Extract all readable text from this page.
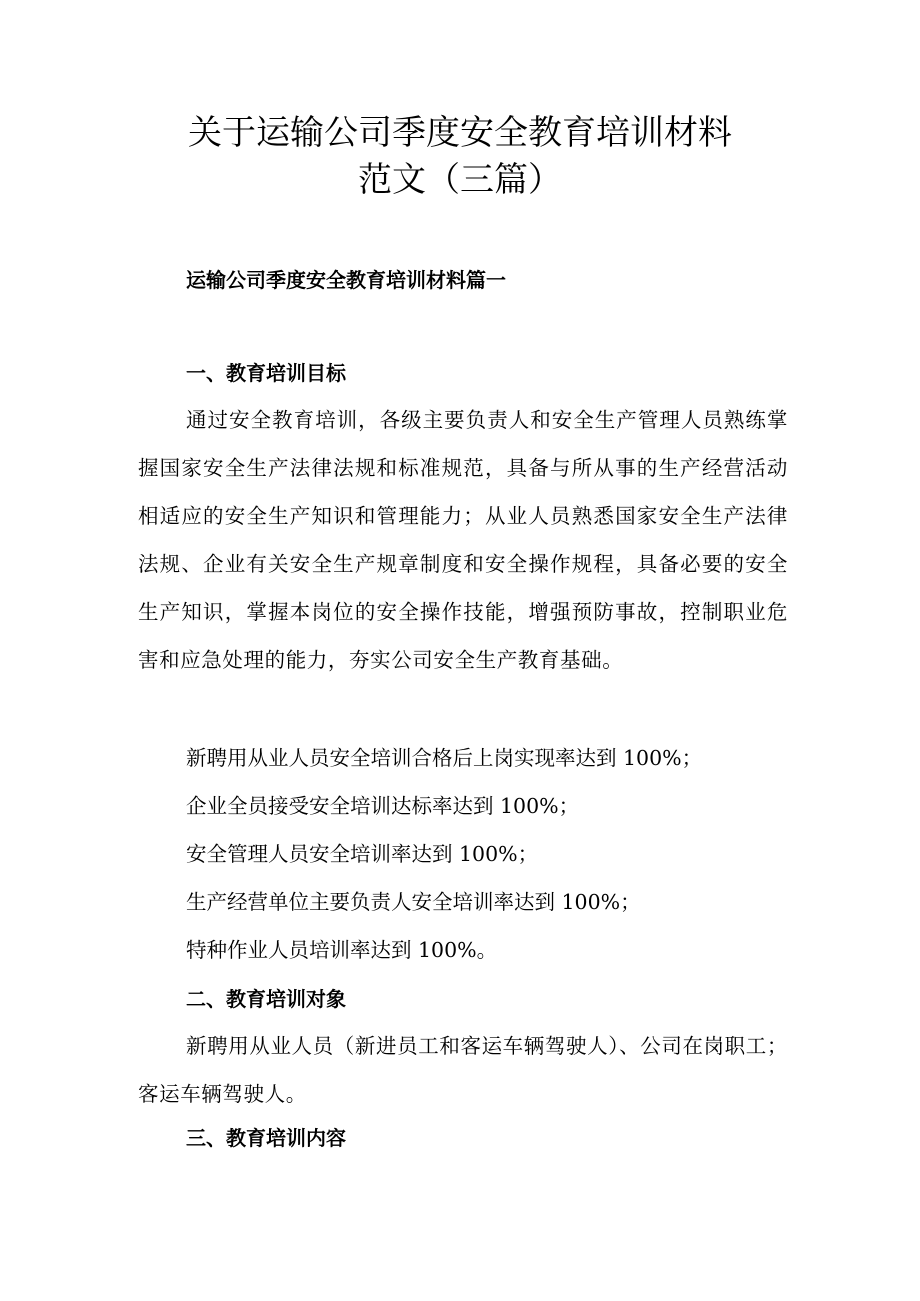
关于运输公司季度安全教育培训材料
范文（三篇）
运输公司季度安全教育培训材料篇一
一、教育培训目标
通过安全教育培训，各级主要负责人和安全生产管理人员熟练掌握国家安全生产法律法规和标准规范，具备与所从事的生产经营活动相适应的安全生产知识和管理能力；从业人员熟悉国家安全生产法律法规、企业有关安全生产规章制度和安全操作规程，具备必要的安全生产知识，掌握本岗位的安全操作技能，增强预防事故，控制职业危害和应急处理的能力，夯实公司安全生产教育基础。
新聘用从业人员安全培训合格后上岗实现率达到 100%；
企业全员接受安全培训达标率达到 100%；
安全管理人员安全培训率达到 100%；
生产经营单位主要负责人安全培训率达到 100%；
特种作业人员培训率达到 100%。
二、教育培训对象
新聘用从业人员（新进员工和客运车辆驾驶人）、公司在岗职工；客运车辆驾驶人。
三、教育培训内容
